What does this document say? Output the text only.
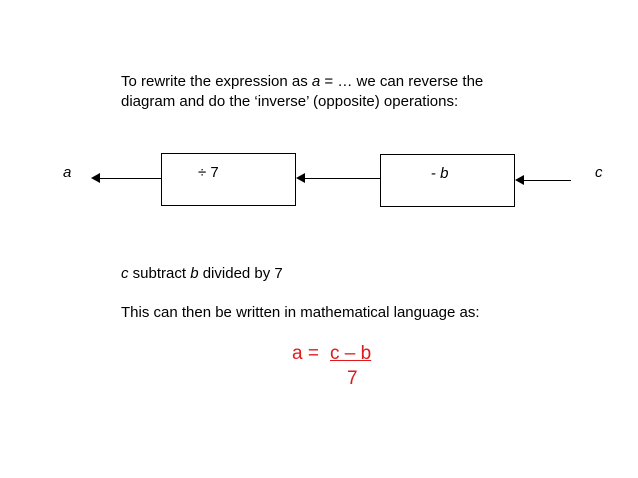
To rewrite the expression as a = … we can reverse the
diagram and do the ‘inverse’ (opposite) operations:
a	÷ 7	- b	c
c subtract b divided by 7
This can then be written in mathematical language as:
a = c – b
7
